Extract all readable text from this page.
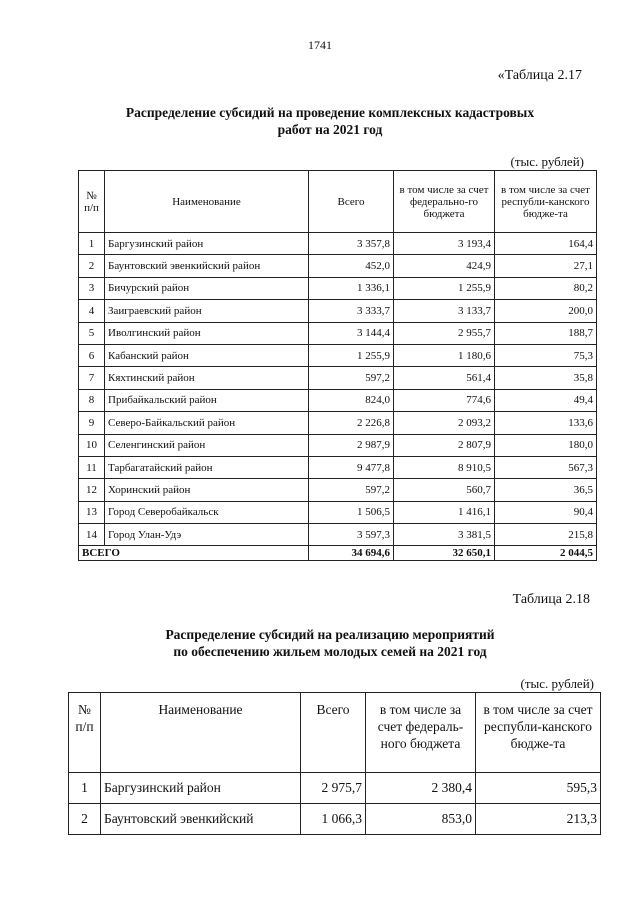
1741
«Таблица 2.17
Распределение субсидий на проведение комплексных кадастровых
работ на 2021 год
(тыс. рублей)
№ п/п	Наименование	Всего	в том числе за счет федерально-го бюджета	в том числе за счет республи-канского бюдже-та
1	Баргузинский район	3 357,8	3 193,4	164,4
2	Баунтовский эвенкийский район	452,0	424,9	27,1
3	Бичурский район	1 336,1	1 255,9	80,2
4	Заиграевский район	3 333,7	3 133,7	200,0
5	Иволгинский район	3 144,4	2 955,7	188,7
6	Кабанский район	1 255,9	1 180,6	75,3
7	Кяхтинский район	597,2	561,4	35,8
8	Прибайкальский район	824,0	774,6	49,4
9	Северо-Байкальский район	2 226,8	2 093,2	133,6
10	Селенгинский район	2 987,9	2 807,9	180,0
11	Тарбагатайский район	9 477,8	8 910,5	567,3
12	Хоринский район	597,2	560,7	36,5
13	Город Северобайкальск	1 506,5	1 416,1	90,4
14	Город Улан-Удэ	3 597,3	3 381,5	215,8
ВСЕГО		34 694,6	32 650,1	2 044,5
Таблица 2.18
Распределение субсидий на реализацию мероприятий
по обеспечению жильем молодых семей на 2021 год
(тыс. рублей)
№ п/п	Наименование	Всего	в том числе за счет федераль-ного бюджета	в том числе за счет республи-канского бюдже-та
1	Баргузинский район	2 975,7	2 380,4	595,3
2	Баунтовский эвенкийский	1 066,3	853,0	213,3
